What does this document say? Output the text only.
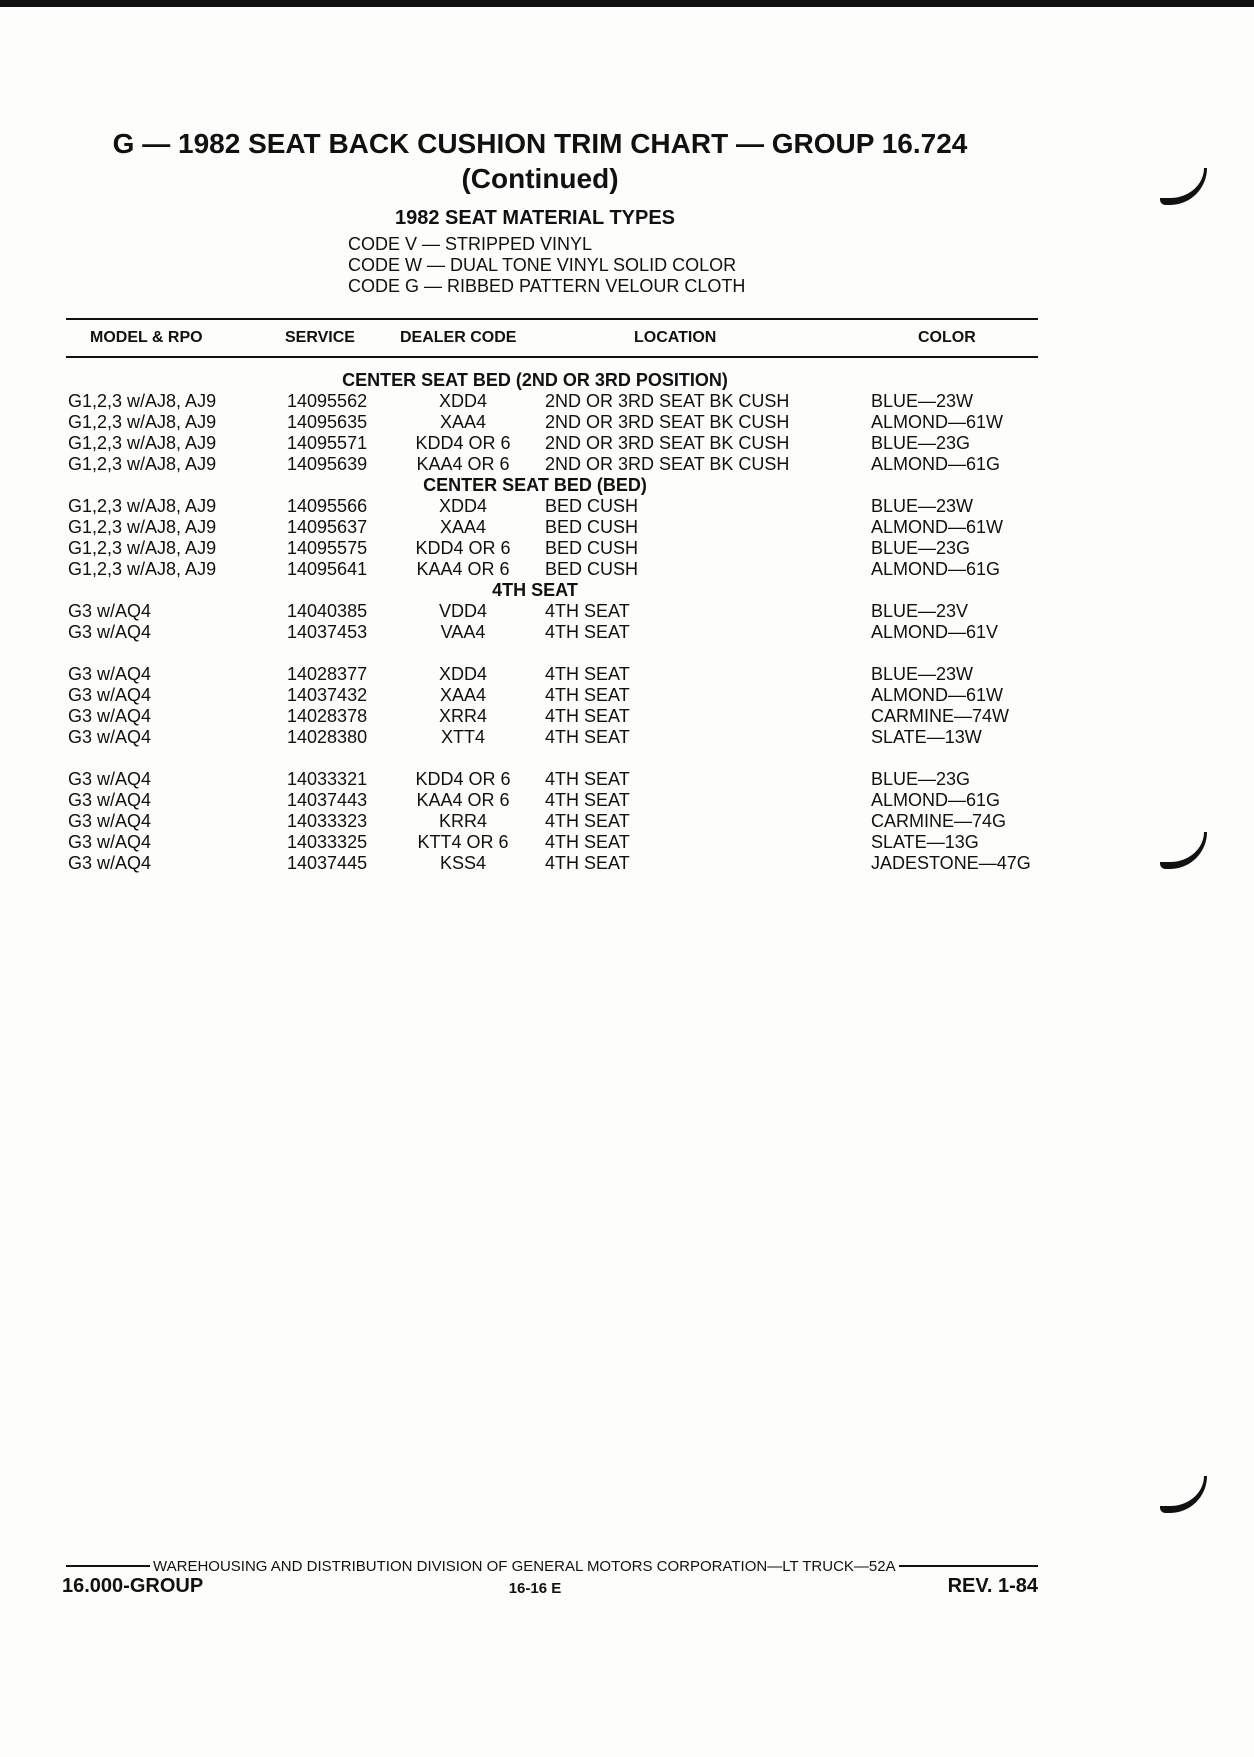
G — 1982 SEAT BACK CUSHION TRIM CHART — GROUP 16.724
(Continued)
1982 SEAT MATERIAL TYPES
CODE V — STRIPPED VINYL
CODE W — DUAL TONE VINYL SOLID COLOR
CODE G — RIBBED PATTERN VELOUR CLOTH
MODEL & RPO	SERVICE	DEALER CODE	LOCATION	COLOR
CENTER SEAT BED (2ND OR 3RD POSITION)
G1,2,3 w/AJ8, AJ9	14095562	XDD4	2ND OR 3RD SEAT BK CUSH	BLUE—23W
G1,2,3 w/AJ8, AJ9	14095635	XAA4	2ND OR 3RD SEAT BK CUSH	ALMOND—61W
G1,2,3 w/AJ8, AJ9	14095571	KDD4 OR 6	2ND OR 3RD SEAT BK CUSH	BLUE—23G
G1,2,3 w/AJ8, AJ9	14095639	KAA4 OR 6	2ND OR 3RD SEAT BK CUSH	ALMOND—61G
CENTER SEAT BED (BED)
G1,2,3 w/AJ8, AJ9	14095566	XDD4	BED CUSH	BLUE—23W
G1,2,3 w/AJ8, AJ9	14095637	XAA4	BED CUSH	ALMOND—61W
G1,2,3 w/AJ8, AJ9	14095575	KDD4 OR 6	BED CUSH	BLUE—23G
G1,2,3 w/AJ8, AJ9	14095641	KAA4 OR 6	BED CUSH	ALMOND—61G
4TH SEAT
G3 w/AQ4	14040385	VDD4	4TH SEAT	BLUE—23V
G3 w/AQ4	14037453	VAA4	4TH SEAT	ALMOND—61V
G3 w/AQ4	14028377	XDD4	4TH SEAT	BLUE—23W
G3 w/AQ4	14037432	XAA4	4TH SEAT	ALMOND—61W
G3 w/AQ4	14028378	XRR4	4TH SEAT	CARMINE—74W
G3 w/AQ4	14028380	XTT4	4TH SEAT	SLATE—13W
G3 w/AQ4	14033321	KDD4 OR 6	4TH SEAT	BLUE—23G
G3 w/AQ4	14037443	KAA4 OR 6	4TH SEAT	ALMOND—61G
G3 w/AQ4	14033323	KRR4	4TH SEAT	CARMINE—74G
G3 w/AQ4	14033325	KTT4 OR 6	4TH SEAT	SLATE—13G
G3 w/AQ4	14037445	KSS4	4TH SEAT	JADESTONE—47G
WAREHOUSING AND DISTRIBUTION DIVISION OF GENERAL MOTORS CORPORATION—LT TRUCK—52A
16.000-GROUP	16-16 E	REV. 1-84
